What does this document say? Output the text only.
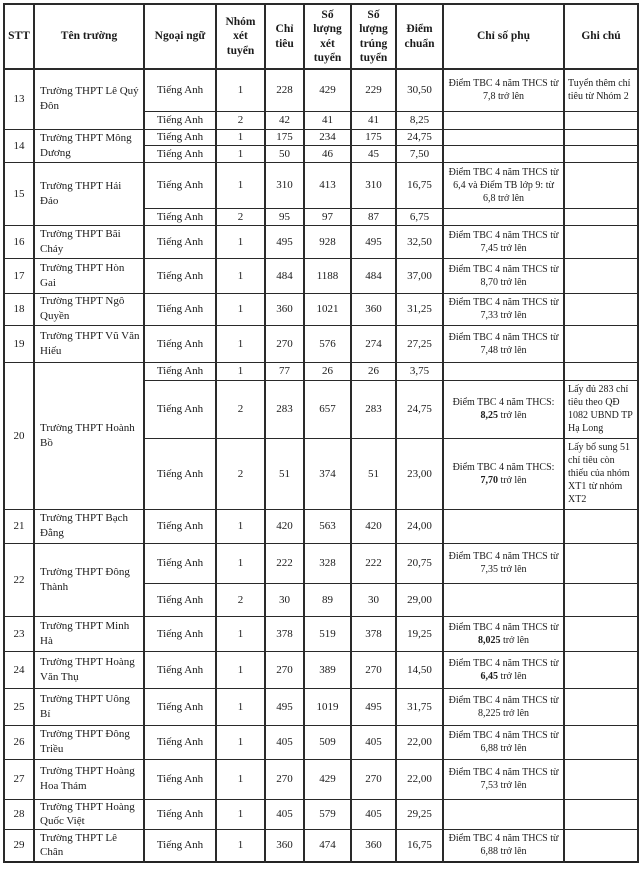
STT	Tên trường	Ngoại ngữ	Nhóm xét tuyển	Chỉ tiêu	Số lượng xét tuyển	Số lượng trúng tuyển	Điểm chuẩn	Chỉ số phụ	Ghi chú
13	Trường THPT Lê Quý Đôn	Tiếng Anh	1	228	429	229	30,50	Điểm TBC 4 năm THCS từ 7,8 trở lên	Tuyển thêm chỉ tiêu từ Nhóm 2
		Tiếng Anh	2	42	41	41	8,25		
14	Trường THPT Mông Dương	Tiếng Anh	1	175	234	175	24,75		
		Tiếng Anh	1	50	46	45	7,50		
15	Trường THPT Hải Đảo	Tiếng Anh	1	310	413	310	16,75	Điểm TBC 4 năm THCS từ 6,4 và Điểm TB lớp 9: từ 6,8 trở lên	
		Tiếng Anh	2	95	97	87	6,75		
16	Trường THPT Bãi Cháy	Tiếng Anh	1	495	928	495	32,50	Điểm TBC 4 năm THCS từ 7,45 trở lên	
17	Trường THPT Hòn Gai	Tiếng Anh	1	484	1188	484	37,00	Điểm TBC 4 năm THCS từ 8,70 trở lên	
18	Trường THPT Ngô Quyền	Tiếng Anh	1	360	1021	360	31,25	Điểm TBC 4 năm THCS từ 7,33 trở lên	
19	Trường THPT Vũ Văn Hiếu	Tiếng Anh	1	270	576	274	27,25	Điểm TBC 4 năm THCS từ 7,48 trở lên	
20	Trường THPT Hoành Bồ	Tiếng Anh	1	77	26	26	3,75		
		Tiếng Anh	2	283	657	283	24,75	Điểm TBC 4 năm THCS: 8,25 trở lên	Lấy đủ 283 chỉ tiêu theo QĐ 1082 UBND TP Hạ Long
		Tiếng Anh	2	51	374	51	23,00	Điểm TBC 4 năm THCS: 7,70 trở lên	Lấy bổ sung 51 chỉ tiêu còn thiếu của nhóm XT1 từ nhóm XT2
21	Trường THPT Bạch Đằng	Tiếng Anh	1	420	563	420	24,00		
22	Trường THPT Đông Thành	Tiếng Anh	1	222	328	222	20,75	Điểm TBC 4 năm THCS từ 7,35 trở lên	
		Tiếng Anh	2	30	89	30	29,00		
23	Trường THPT Minh Hà	Tiếng Anh	1	378	519	378	19,25	Điểm TBC 4 năm THCS từ 8,025 trở lên	
24	Trường THPT Hoàng Văn Thụ	Tiếng Anh	1	270	389	270	14,50	Điểm TBC 4 năm THCS từ 6,45 trở lên	
25	Trường THPT Uông Bí	Tiếng Anh	1	495	1019	495	31,75	Điểm TBC 4 năm THCS từ 8,225 trở lên	
26	Trường THPT Đông Triều	Tiếng Anh	1	405	509	405	22,00	Điểm TBC 4 năm THCS từ 6,88 trở lên	
27	Trường THPT Hoàng Hoa Thám	Tiếng Anh	1	270	429	270	22,00	Điểm TBC 4 năm THCS từ 7,53 trở lên	
28	Trường THPT Hoàng Quốc Việt	Tiếng Anh	1	405	579	405	29,25		
29	Trường THPT Lê Chân	Tiếng Anh	1	360	474	360	16,75	Điểm TBC 4 năm THCS từ 6,88 trở lên	
